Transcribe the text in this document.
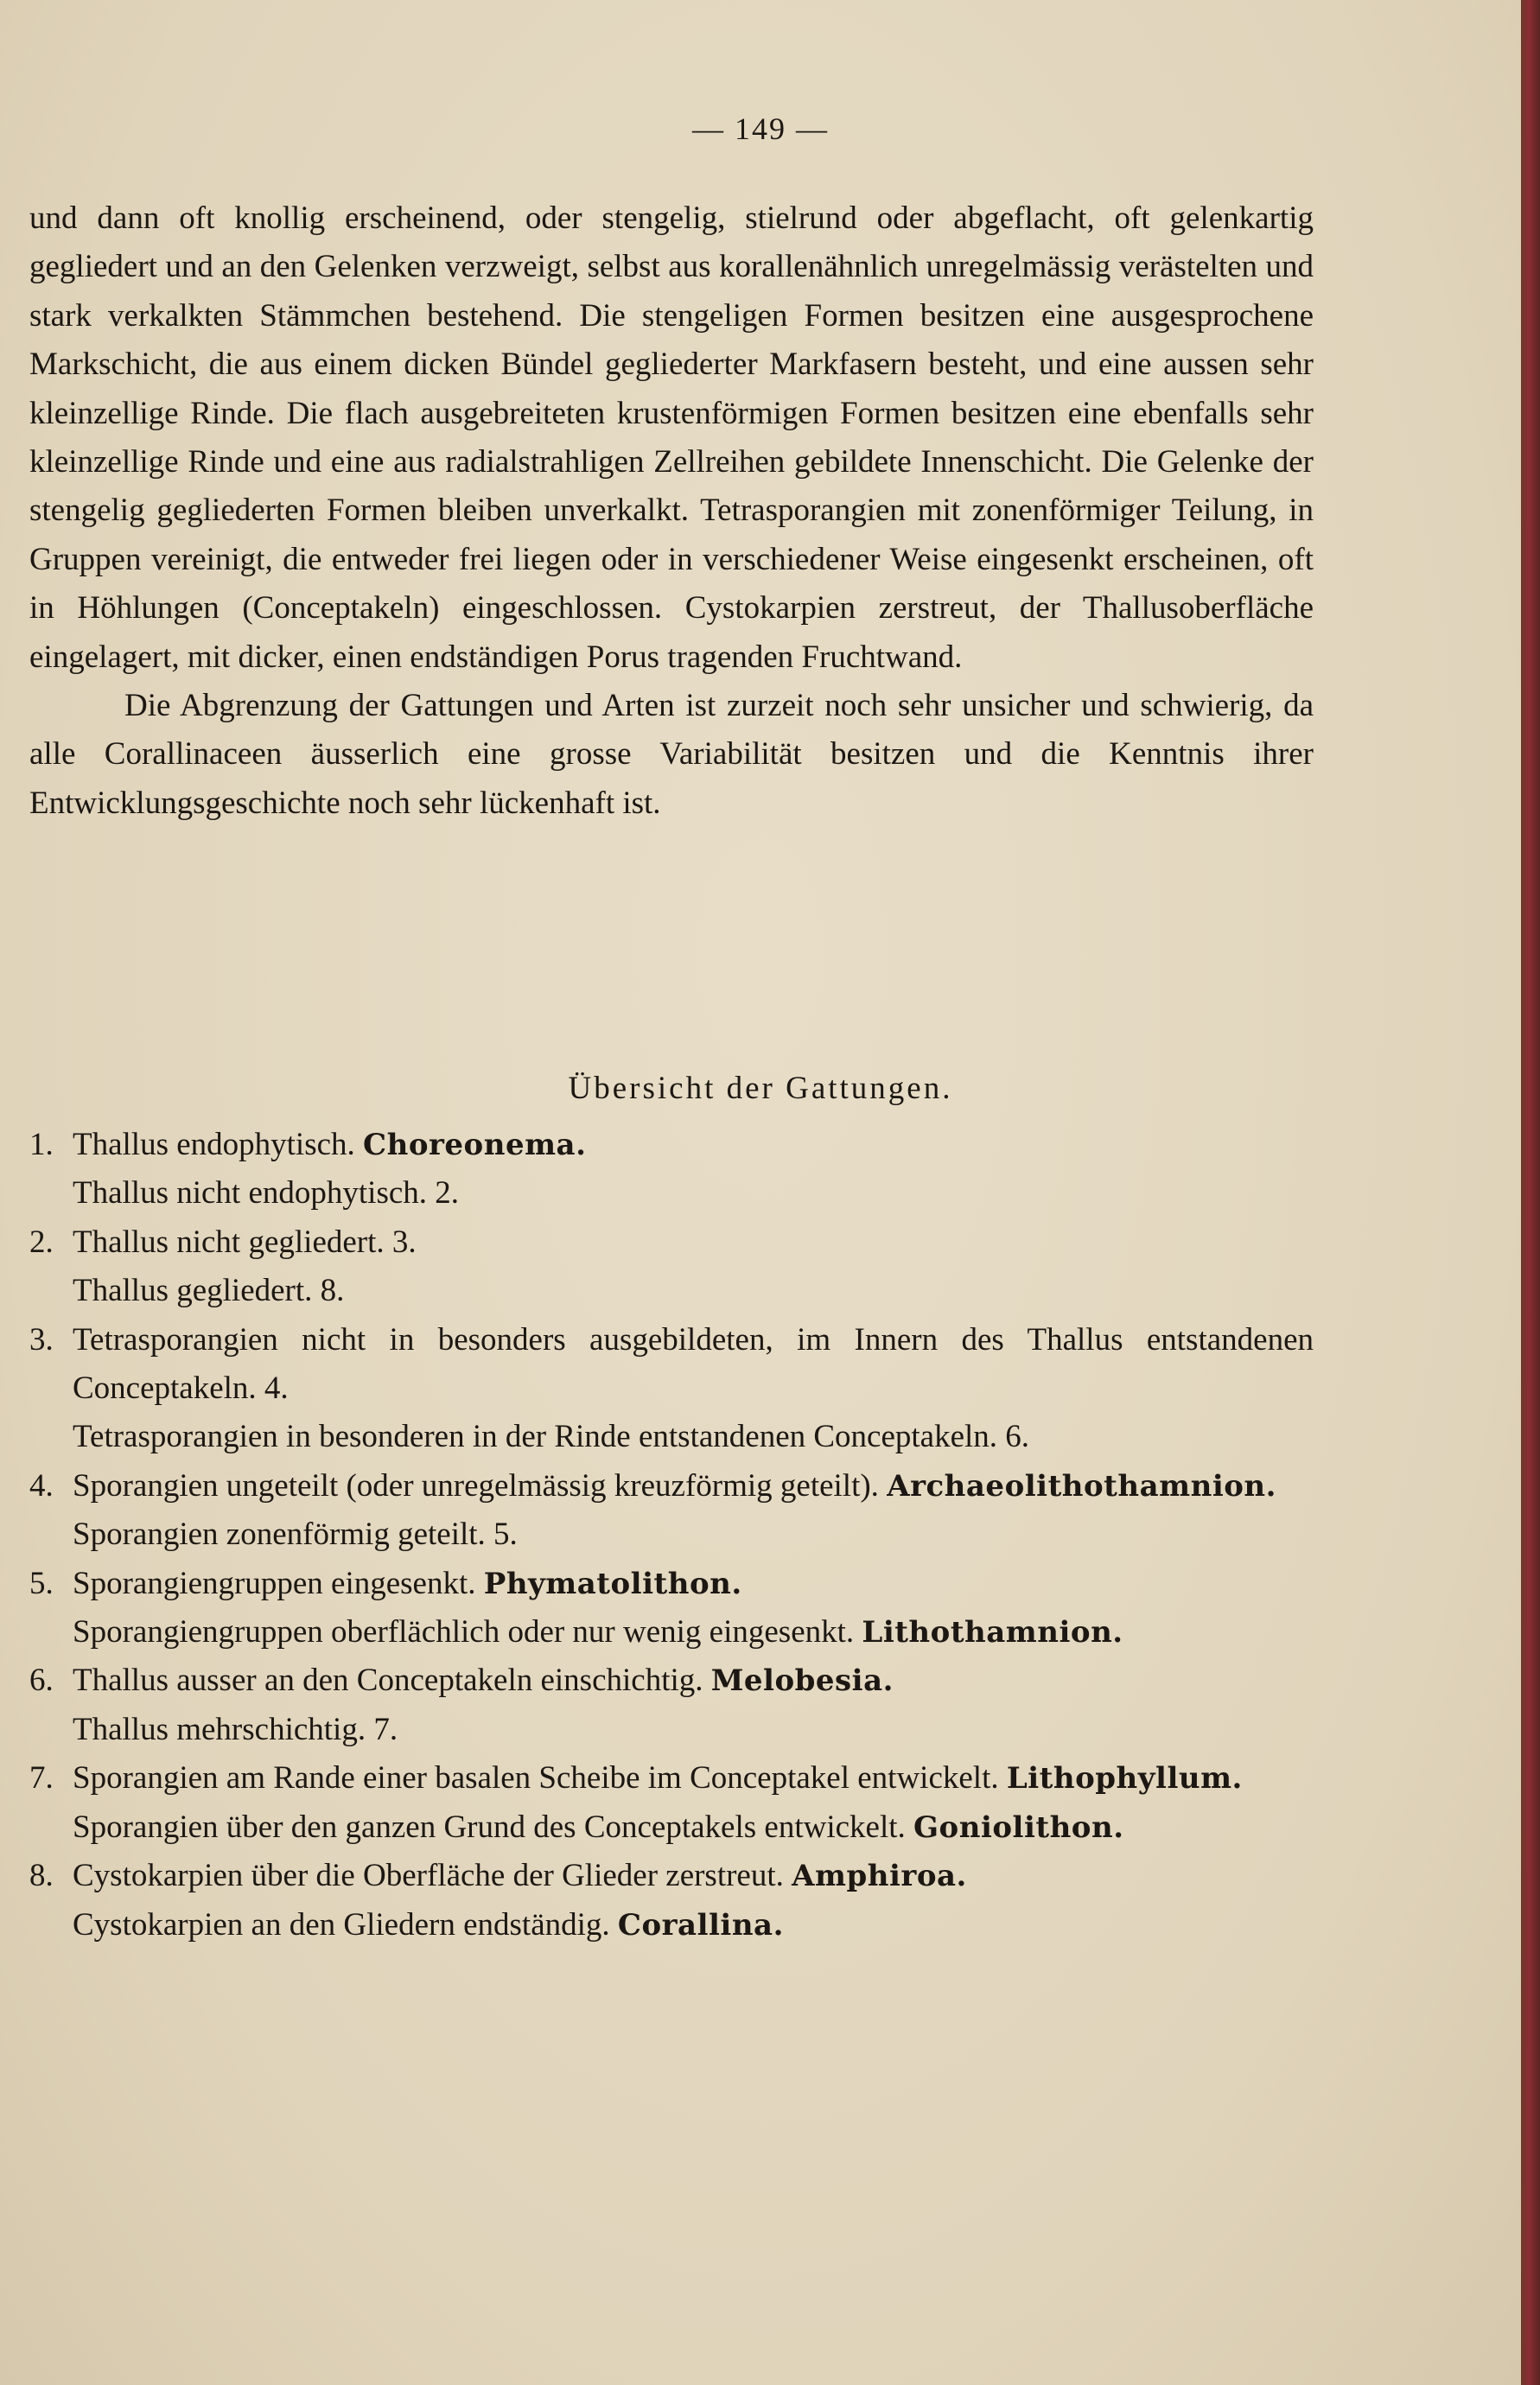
— 149 —

und dann oft knollig erscheinend, oder stengelig, stielrund oder abgeflacht, oft gelenkartig gegliedert und an den Gelenken verzweigt, selbst aus korallenähnlich unregelmässig verästelten und stark verkalkten Stämmchen bestehend. Die stengeligen Formen besitzen eine ausgesprochene Markschicht, die aus einem dicken Bündel gegliederter Markfasern besteht, und eine aussen sehr kleinzellige Rinde. Die flach ausgebreiteten krustenförmigen Formen besitzen eine ebenfalls sehr kleinzellige Rinde und eine aus radialstrahligen Zellreihen gebildete Innenschicht. Die Gelenke der stengelig gegliederten Formen bleiben unverkalkt. Tetrasporangien mit zonenförmiger Teilung, in Gruppen vereinigt, die entweder frei liegen oder in verschiedener Weise eingesenkt erscheinen, oft in Höhlungen (Conceptakeln) eingeschlossen. Cystokarpien zerstreut, der Thallusoberfläche eingelagert, mit dicker, einen endständigen Porus tragenden Fruchtwand.

Die Abgrenzung der Gattungen und Arten ist zurzeit noch sehr unsicher und schwierig, da alle Corallinaceen äusserlich eine grosse Variabilität besitzen und die Kenntnis ihrer Entwicklungsgeschichte noch sehr lückenhaft ist.

Übersicht der Gattungen.
1. Thallus endophytisch. Choreonema.
Thallus nicht endophytisch. 2.
2. Thallus nicht gegliedert. 3.
Thallus gegliedert. 8.
3. Tetrasporangien nicht in besonders ausgebildeten, im Innern des Thallus entstandenen Conceptakeln. 4.
Tetrasporangien in besonderen in der Rinde entstandenen Conceptakeln. 6.
4. Sporangien ungeteilt (oder unregelmässig kreuzförmig geteilt). Archaeolithothamnion.
Sporangien zonenförmig geteilt. 5.
5. Sporangiengruppen eingesenkt. Phymatolithon.
Sporangiengruppen oberflächlich oder nur wenig eingesenkt. Lithothamnion.
6. Thallus ausser an den Conceptakeln einschichtig. Melobesia.
Thallus mehrschichtig. 7.
7. Sporangien am Rande einer basalen Scheibe im Conceptakel entwickelt. Lithophyllum.
Sporangien über den ganzen Grund des Conceptakels entwickelt. Goniolithon.
8. Cystokarpien über die Oberfläche der Glieder zerstreut. Amphiroa.
Cystokarpien an den Gliedern endständig. Corallina.
